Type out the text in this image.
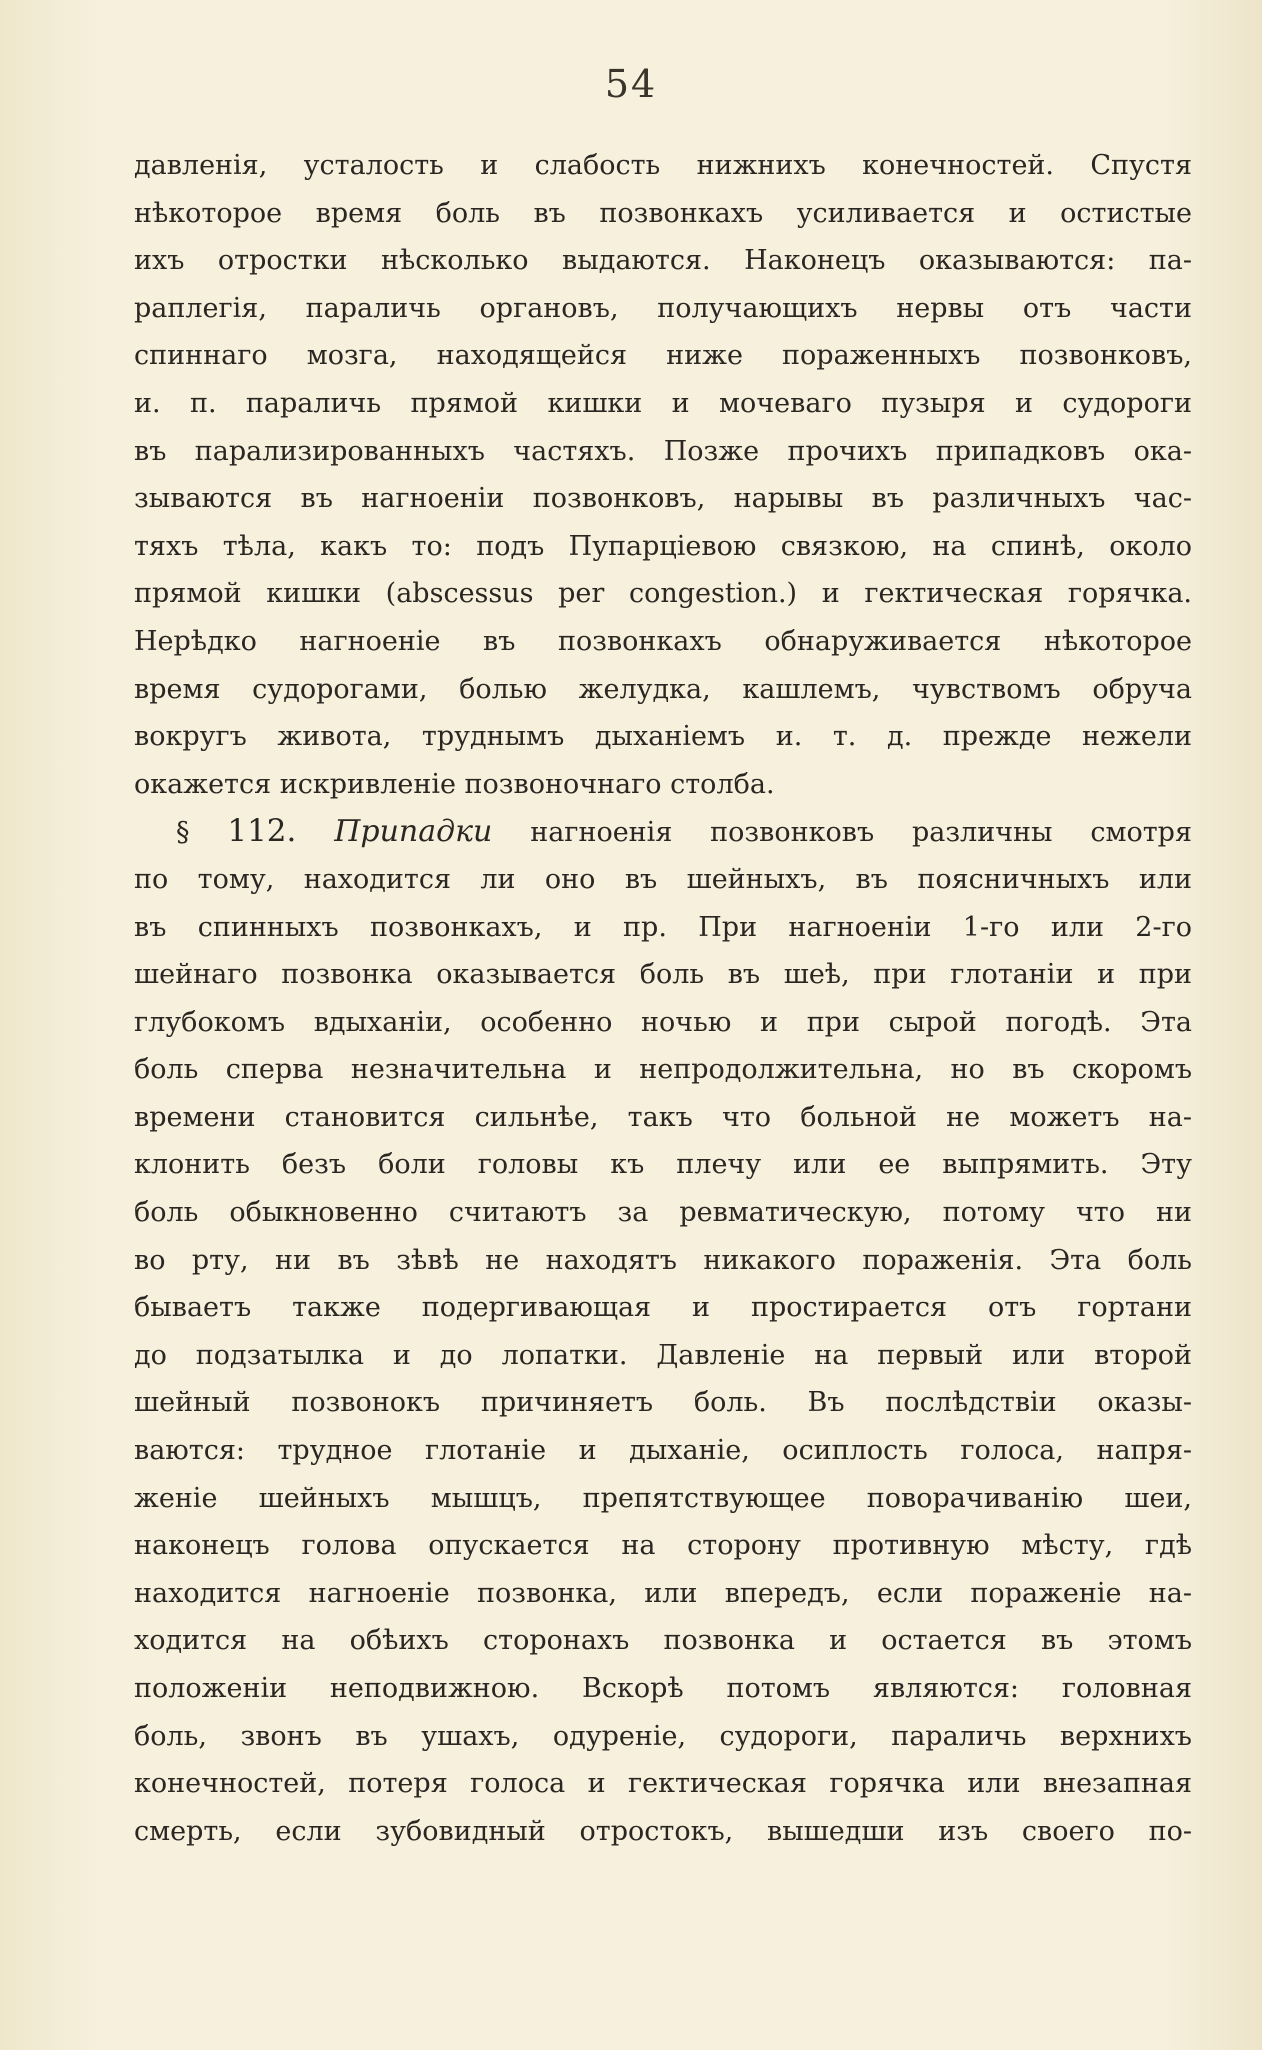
54
давленія, усталость и слабость нижнихъ конечностей. Спустя
нѣкоторое время боль въ позвонкахъ усиливается и остистые
ихъ отростки нѣсколько выдаются. Наконецъ оказываются: па-
раплегія, параличь органовъ, получающихъ нервы отъ части
спиннаго мозга, находящейся ниже пораженныхъ позвонковъ,
и. п. параличь прямой кишки и мочеваго пузыря и судороги
въ парализированныхъ частяхъ. Позже прочихъ припадковъ ока-
зываются въ нагноеніи позвонковъ, нарывы въ различныхъ час-
тяхъ тѣла, какъ то: подъ Пупарціевою связкою, на спинѣ, около
прямой кишки (abscessus per congestion.) и гектическая горячка.
Нерѣдко нагноеніе въ позвонкахъ обнаруживается нѣкоторое
время судорогами, болью желудка, кашлемъ, чувствомъ обруча
вокругъ живота, труднымъ дыханіемъ и. т. д. прежде нежели
окажется искривленіе позвоночнаго столба.
§ 112. Припадки нагноенія позвонковъ различны смотря
по тому, находится ли оно въ шейныхъ, въ поясничныхъ или
въ спинныхъ позвонкахъ, и пр. При нагноеніи 1-го или 2-го
шейнаго позвонка оказывается боль въ шеѣ, при глотаніи и при
глубокомъ вдыханіи, особенно ночью и при сырой погодѣ. Эта
боль сперва незначительна и непродолжительна, но въ скоромъ
времени становится сильнѣе, такъ что больной не можетъ на-
клонить безъ боли головы къ плечу или ее выпрямить. Эту
боль обыкновенно считаютъ за ревматическую, потому что ни
во рту, ни въ зѣвѣ не находятъ никакого пораженія. Эта боль
бываетъ также подергивающая и простирается отъ гортани
до подзатылка и до лопатки. Давленіе на первый или второй
шейный позвонокъ причиняетъ боль. Въ послѣдствіи оказы-
ваются: трудное глотаніе и дыханіе, осиплость голоса, напря-
женіе шейныхъ мышцъ, препятствующее поворачиванію шеи,
наконецъ голова опускается на сторону противную мѣсту, гдѣ
находится нагноеніе позвонка, или впередъ, если пораженіе на-
ходится на обѣихъ сторонахъ позвонка и остается въ этомъ
положеніи неподвижною. Вскорѣ потомъ являются: головная
боль, звонъ въ ушахъ, одуреніе, судороги, параличь верхнихъ
конечностей, потеря голоса и гектическая горячка или внезапная
смерть, если зубовидный отростокъ, вышедши изъ своего по-
